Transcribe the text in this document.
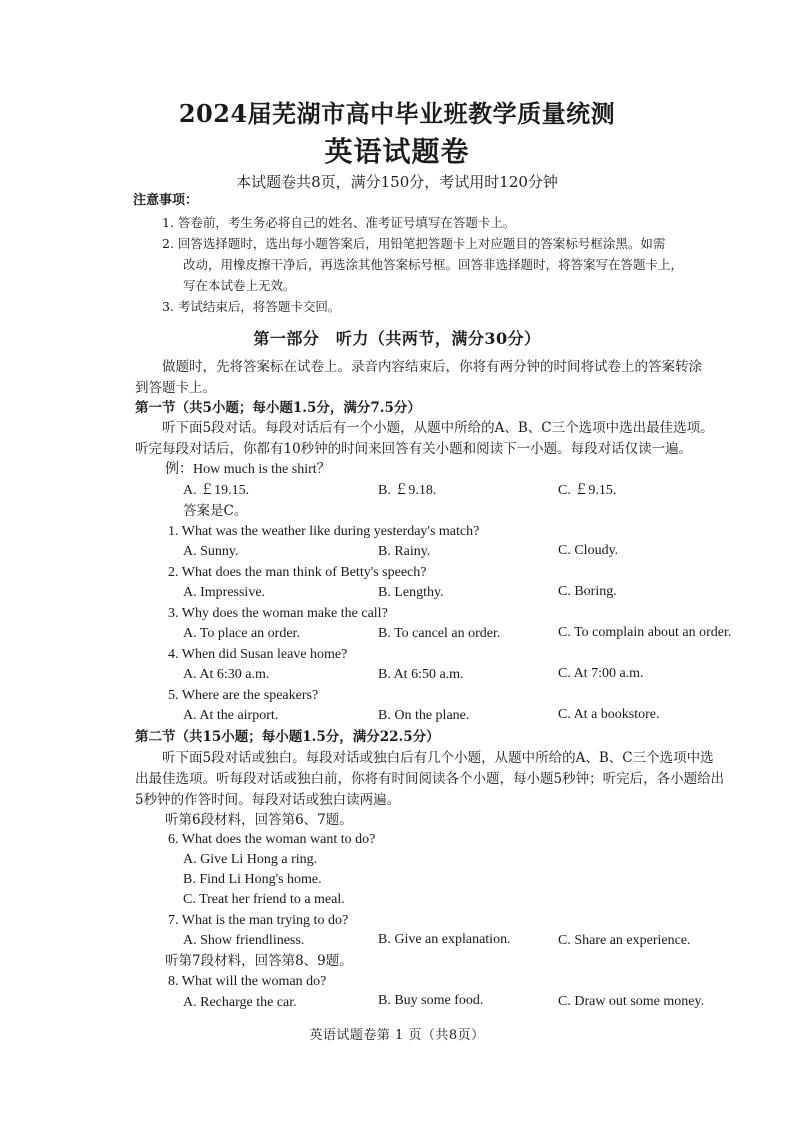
2024届芜湖市高中毕业班教学质量统测
英语试题卷
本试题卷共8页，满分150分，考试用时120分钟
注意事项：
1. 答卷前，考生务必将自己的姓名、准考证号填写在答题卡上。
2. 回答选择题时，选出每小题答案后，用铅笔把答题卡上对应题目的答案标号框涂黑。如需
改动，用橡皮擦干净后，再选涂其他答案标号框。回答非选择题时，将答案写在答题卡上，
写在本试卷上无效。
3. 考试结束后，将答题卡交回。
第一部分　听力（共两节，满分30分）
做题时，先将答案标在试卷上。录音内容结束后，你将有两分钟的时间将试卷上的答案转涂
到答题卡上。
第一节（共5小题；每小题1.5分，满分7.5分）
听下面5段对话。每段对话后有一个小题，从题中所给的A、B、C三个选项中选出最佳选项。
听完每段对话后，你都有10秒钟的时间来回答有关小题和阅读下一小题。每段对话仅读一遍。
例：How much is the shirt？
A. ￡19.15.	B. ￡9.18.	C. ￡9.15.
答案是C。
1. What was the weather like during yesterday's match?
A. Sunny.	B. Rainy.	C. Cloudy.
2. What does the man think of Betty's speech?
A. Impressive.	B. Lengthy.	C. Boring.
3. Why does the woman make the call?
A. To place an order.	B. To cancel an order.	C. To complain about an order.
4. When did Susan leave home?
A. At 6:30 a.m.	B. At 6:50 a.m.	C. At 7:00 a.m.
5. Where are the speakers?
A. At the airport.	B. On the plane.	C. At a bookstore.
第二节（共15小题；每小题1.5分，满分22.5分）
听下面5段对话或独白。每段对话或独白后有几个小题，从题中所给的A、B、C三个选项中选
出最佳选项。听每段对话或独白前，你将有时间阅读各个小题，每小题5秒钟；听完后，各小题给出
5秒钟的作答时间。每段对话或独白读两遍。
听第6段材料，回答第6、7题。
6. What does the woman want to do?
A. Give Li Hong a ring.
B. Find Li Hong's home.
C. Treat her friend to a meal.
7. What is the man trying to do?
A. Show friendliness.	B. Give an explanation.	C. Share an experience.
听第7段材料，回答第8、9题。
8. What will the woman do?
A. Recharge the car.	B. Buy some food.	C. Draw out some money.
英语试题卷第 1 页（共8页）
